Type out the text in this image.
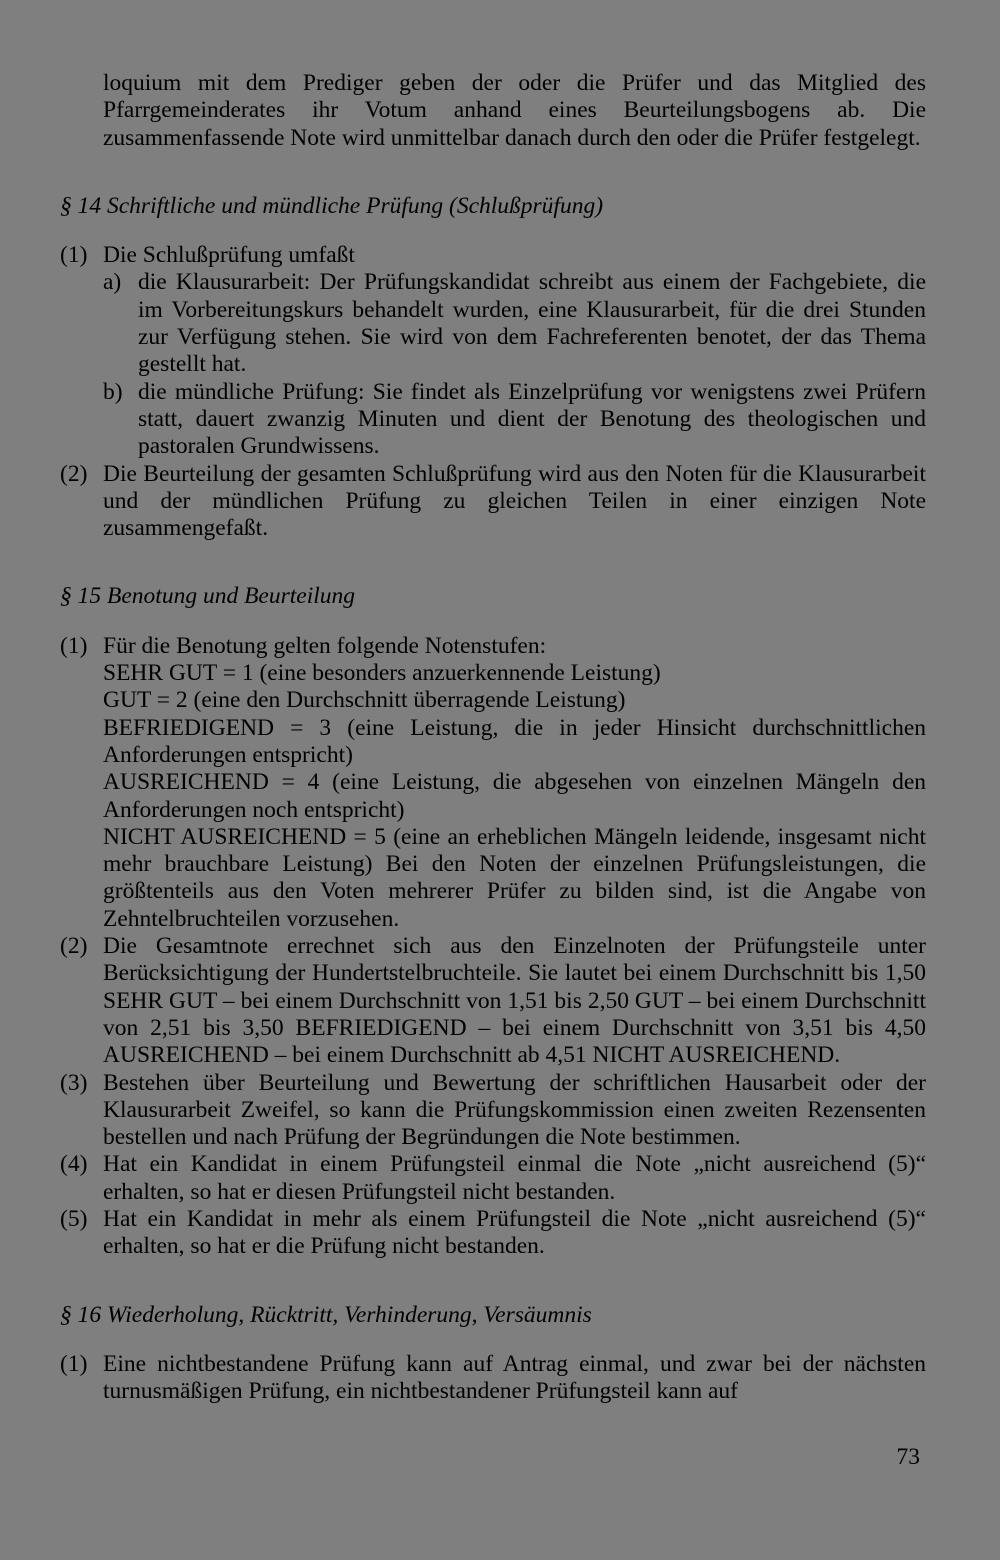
loquium mit dem Prediger geben der oder die Prüfer und das Mitglied des Pfarrgemeinderates ihr Votum anhand eines Beurteilungsbogens ab. Die zusammenfassende Note wird unmittelbar danach durch den oder die Prüfer festgelegt.

§ 14 Schriftliche und mündliche Prüfung (Schlußprüfung)

(1) Die Schlußprüfung umfaßt
a) die Klausurarbeit: Der Prüfungskandidat schreibt aus einem der Fachgebiete, die im Vorbereitungskurs behandelt wurden, eine Klausurarbeit, für die drei Stunden zur Verfügung stehen. Sie wird von dem Fachreferenten benotet, der das Thema gestellt hat.
b) die mündliche Prüfung: Sie findet als Einzelprüfung vor wenigstens zwei Prüfern statt, dauert zwanzig Minuten und dient der Benotung des theologischen und pastoralen Grundwissens.
(2) Die Beurteilung der gesamten Schlußprüfung wird aus den Noten für die Klausurarbeit und der mündlichen Prüfung zu gleichen Teilen in einer einzigen Note zusammengefaßt.

§ 15 Benotung und Beurteilung

(1) Für die Benotung gelten folgende Notenstufen:
SEHR GUT = 1 (eine besonders anzuerkennende Leistung)
GUT = 2 (eine den Durchschnitt überragende Leistung)
BEFRIEDIGEND = 3 (eine Leistung, die in jeder Hinsicht durchschnittlichen Anforderungen entspricht)
AUSREICHEND = 4 (eine Leistung, die abgesehen von einzelnen Mängeln den Anforderungen noch entspricht)
NICHT AUSREICHEND = 5 (eine an erheblichen Mängeln leidende, insgesamt nicht mehr brauchbare Leistung) Bei den Noten der einzelnen Prüfungsleistungen, die größtenteils aus den Voten mehrerer Prüfer zu bilden sind, ist die Angabe von Zehntelbruchteilen vorzusehen.
(2) Die Gesamtnote errechnet sich aus den Einzelnoten der Prüfungsteile unter Berücksichtigung der Hundertstelbruchteile. Sie lautet bei einem Durchschnitt bis 1,50 SEHR GUT – bei einem Durchschnitt von 1,51 bis 2,50 GUT – bei einem Durchschnitt von 2,51 bis 3,50 BEFRIEDIGEND – bei einem Durchschnitt von 3,51 bis 4,50 AUSREICHEND – bei einem Durchschnitt ab 4,51 NICHT AUSREICHEND.
(3) Bestehen über Beurteilung und Bewertung der schriftlichen Hausarbeit oder der Klausurarbeit Zweifel, so kann die Prüfungskommission einen zweiten Rezensenten bestellen und nach Prüfung der Begründungen die Note bestimmen.
(4) Hat ein Kandidat in einem Prüfungsteil einmal die Note „nicht ausreichend (5)“ erhalten, so hat er diesen Prüfungsteil nicht bestanden.
(5) Hat ein Kandidat in mehr als einem Prüfungsteil die Note „nicht ausreichend (5)“ erhalten, so hat er die Prüfung nicht bestanden.

§ 16 Wiederholung, Rücktritt, Verhinderung, Versäumnis

(1) Eine nichtbestandene Prüfung kann auf Antrag einmal, und zwar bei der nächsten turnusmäßigen Prüfung, ein nichtbestandener Prüfungsteil kann auf
73
